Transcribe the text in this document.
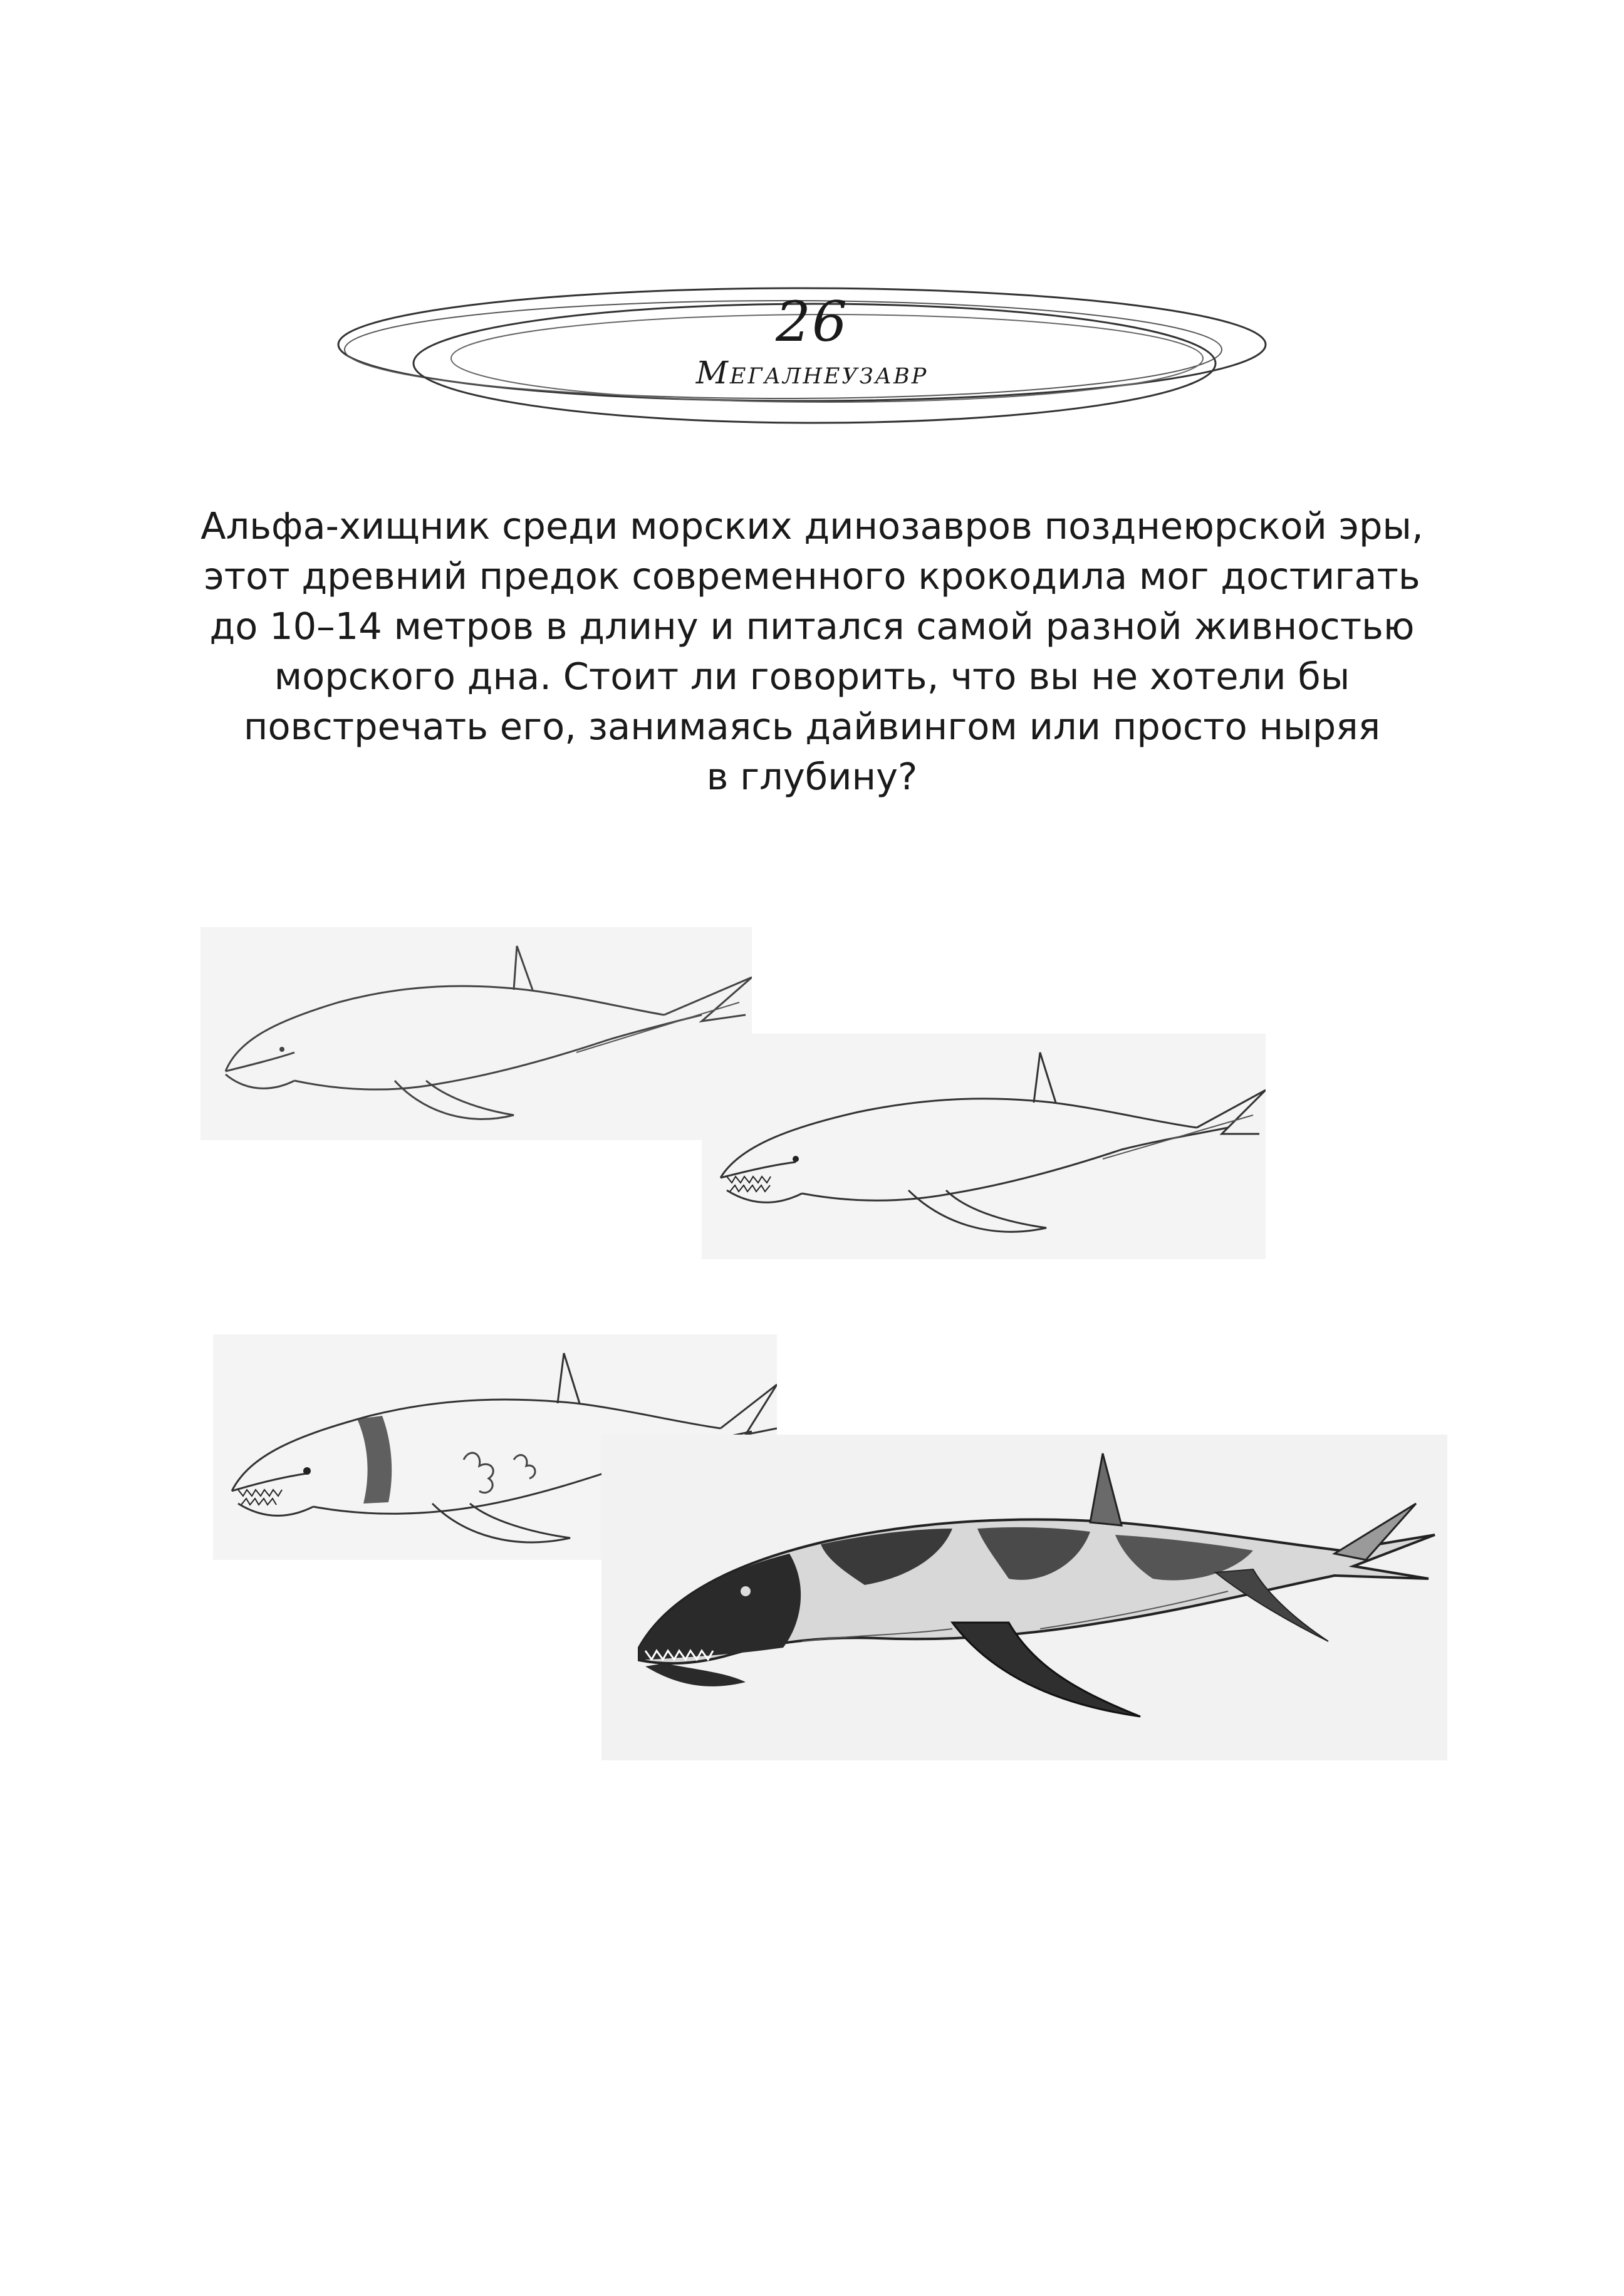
26
Мегалнеузавр
Альфа-хищник среди морских динозавров позднеюрской эры,
этот древний предок современного крокодила мог достигать
до 10–14 метров в длину и питался самой разной живностью
морского дна. Стоит ли говорить, что вы не хотели бы
повстречать его, занимаясь дайвингом или просто ныряя
в глубину?
